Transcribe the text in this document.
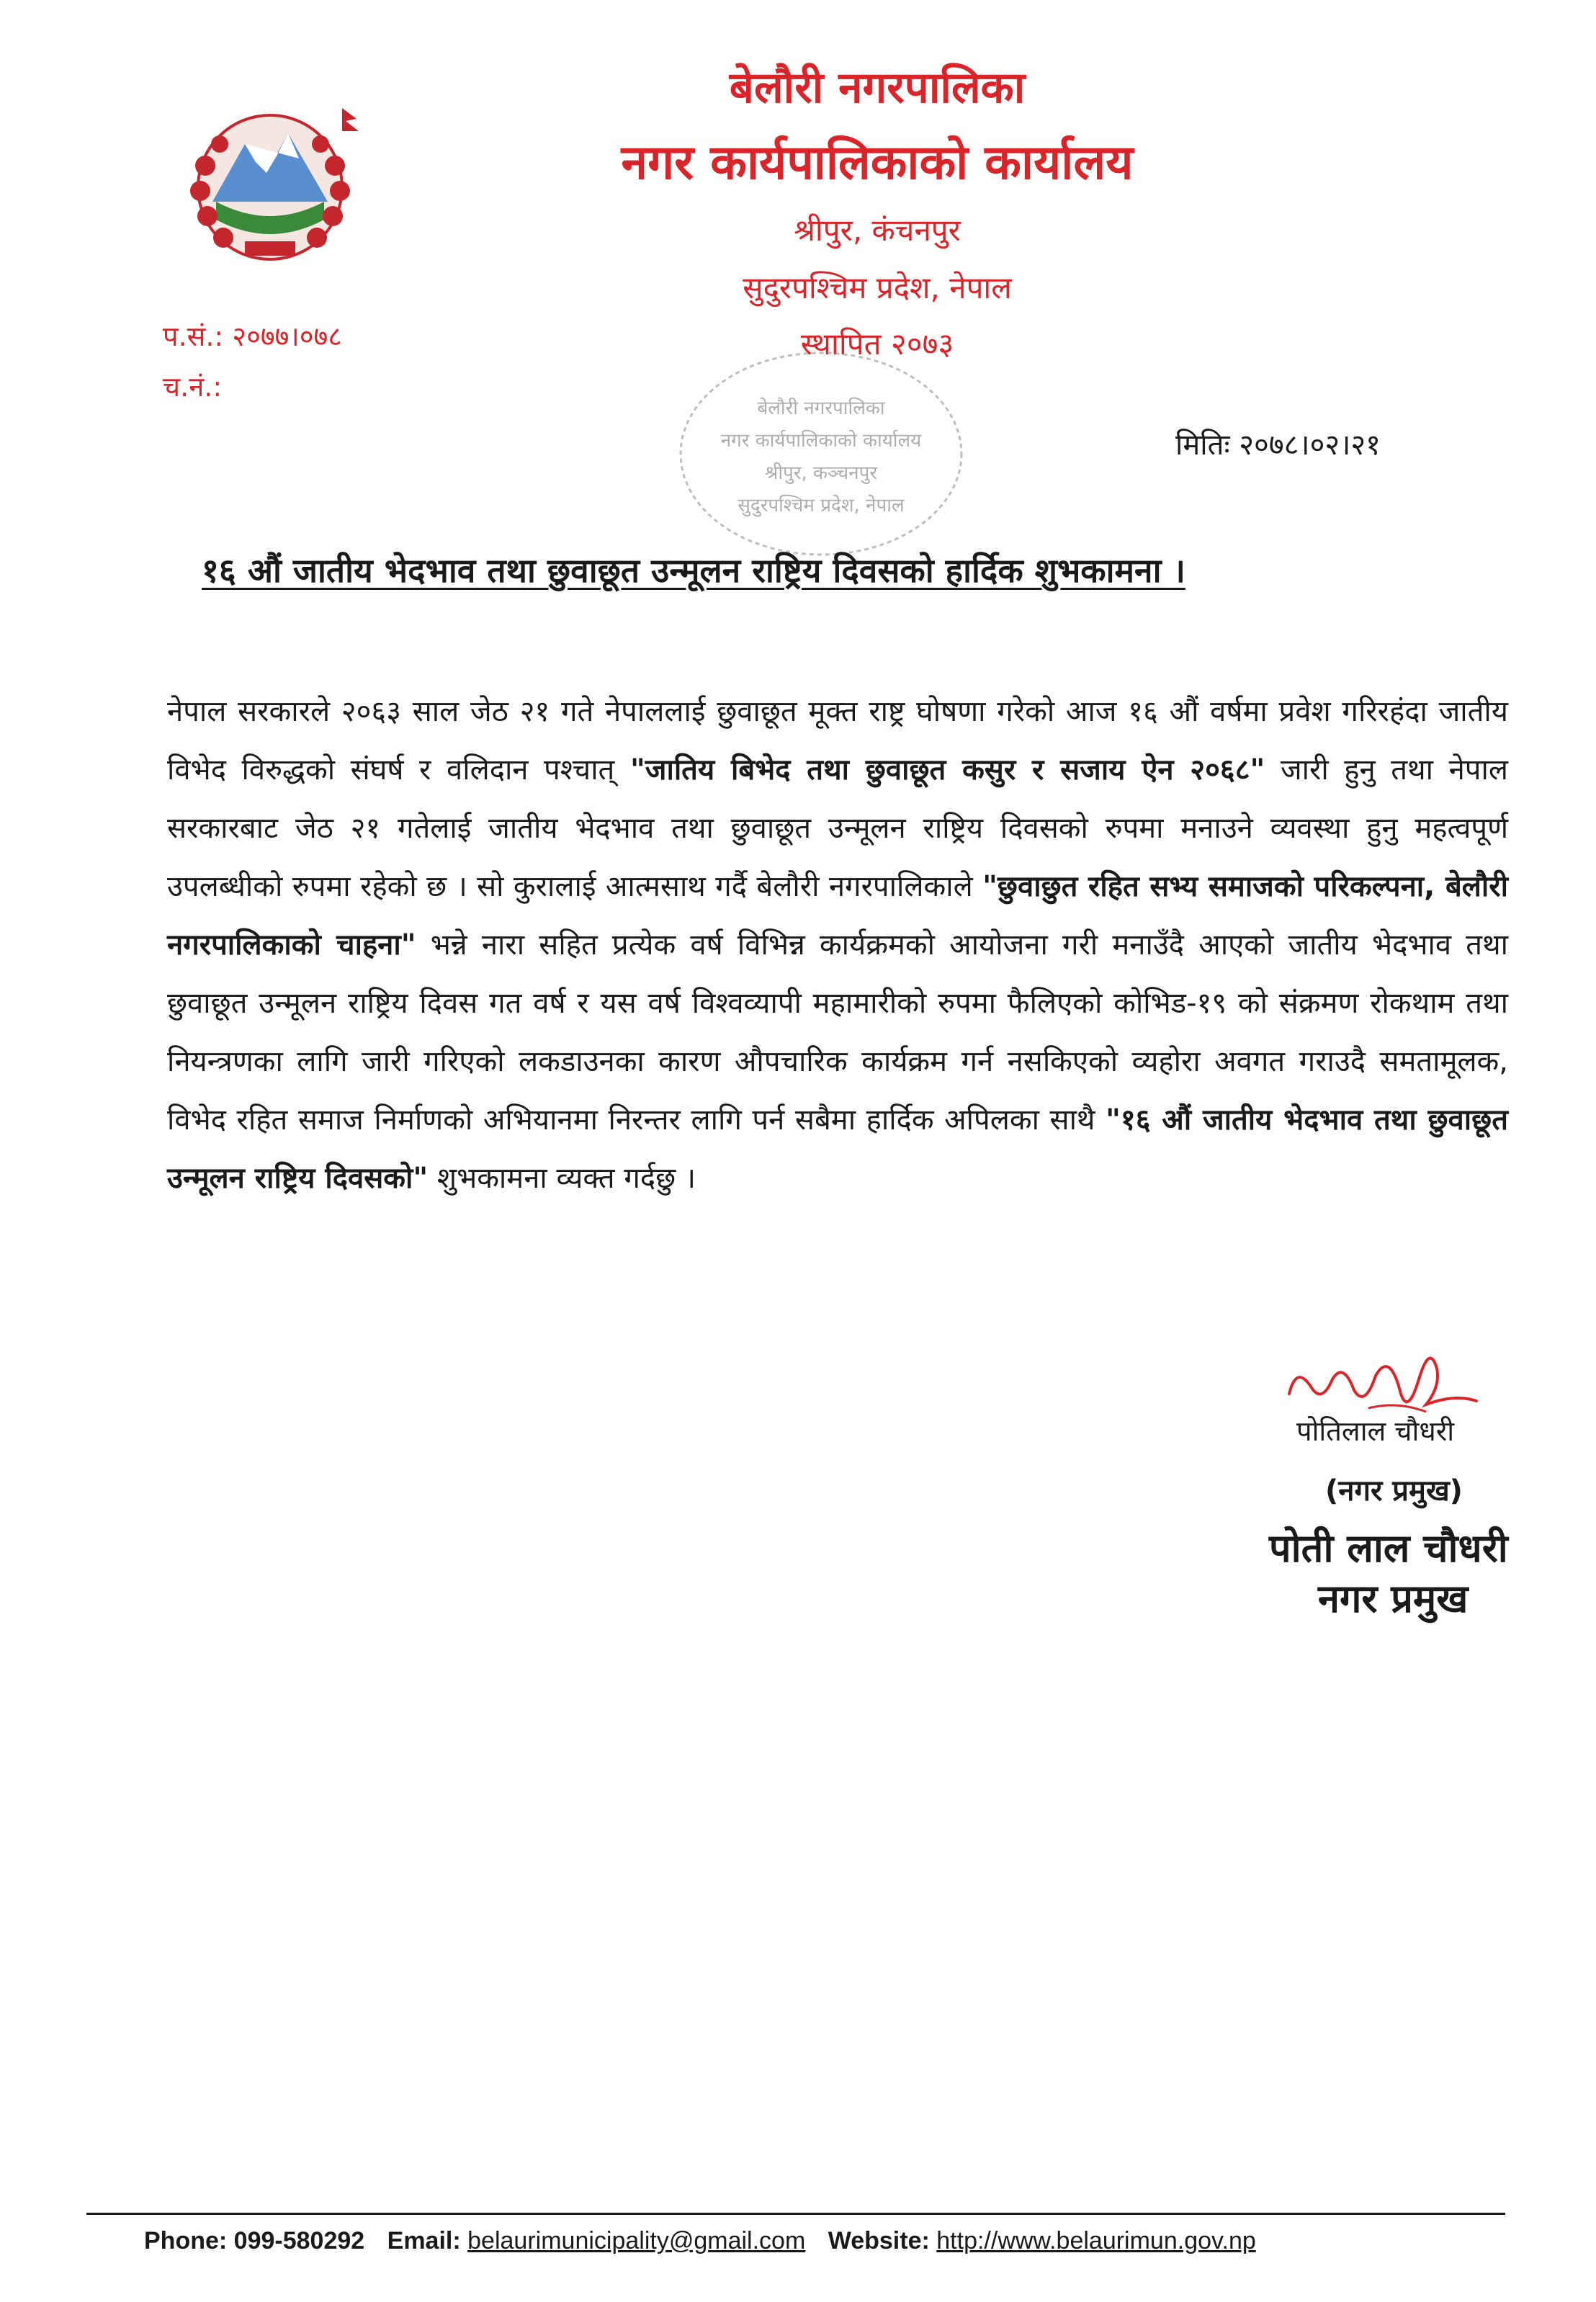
बेलौरी नगरपालिका
नगर कार्यपालिकाको कार्यालय
श्रीपुर, कंचनपुर
सुदुरपश्चिम प्रदेश, नेपाल
स्थापित २०७३
प.सं.: २०७७।०७८
च.नं.:
बेलौरी नगरपालिका
नगर कार्यपालिकाको कार्यालय
श्रीपुर, कञ्चनपुर
सुदुरपश्चिम प्रदेश, नेपाल
मितिः २०७८।०२।२१
१६ औं जातीय भेदभाव तथा छुवाछूत उन्मूलन राष्ट्रिय दिवसको हार्दिक शुभकामना ।
नेपाल सरकारले २०६३ साल जेठ २१ गते नेपाललाई छुवाछूत मूक्त राष्ट्र घोषणा गरेको आज १६ औं वर्षमा प्रवेश गरिरहंदा जातीय विभेद विरुद्धको संघर्ष र वलिदान पश्चात् "जातिय बिभेद तथा छुवाछूत कसुर र सजाय ऐन २०६८" जारी हुनु तथा नेपाल सरकारबाट जेठ २१ गतेलाई जातीय भेदभाव तथा छुवाछूत उन्मूलन राष्ट्रिय दिवसको रुपमा मनाउने व्यवस्था हुनु महत्वपूर्ण उपलब्धीको रुपमा रहेको छ । सो कुरालाई आत्मसाथ गर्दै बेलौरी नगरपालिकाले "छुवाछुत रहित सभ्य समाजको परिकल्पना, बेलौरी नगरपालिकाको चाहना" भन्ने नारा सहित प्रत्येक वर्ष विभिन्न कार्यक्रमको आयोजना गरी मनाउँदै आएको जातीय भेदभाव तथा छुवाछूत उन्मूलन राष्ट्रिय दिवस गत वर्ष र यस वर्ष विश्वव्यापी महामारीको रुपमा फैलिएको कोभिड-१९ को संक्रमण रोकथाम तथा नियन्त्रणका लागि जारी गरिएको लकडाउनका कारण औपचारिक कार्यक्रम गर्न नसकिएको व्यहोरा अवगत गराउदै समतामूलक, विभेद रहित समाज निर्माणको अभियानमा निरन्तर लागि पर्न सबैमा हार्दिक अपिलका साथै "१६ औं जातीय भेदभाव तथा छुवाछूत उन्मूलन राष्ट्रिय दिवसको" शुभकामना व्यक्त गर्दछु ।
पोतिलाल चौधरी
(नगर प्रमुख)
पोती लाल चौधरी
नगर प्रमुख
Phone: 099-580292 Email: belaurimunicipality@gmail.com Website: http://www.belaurimun.gov.np
